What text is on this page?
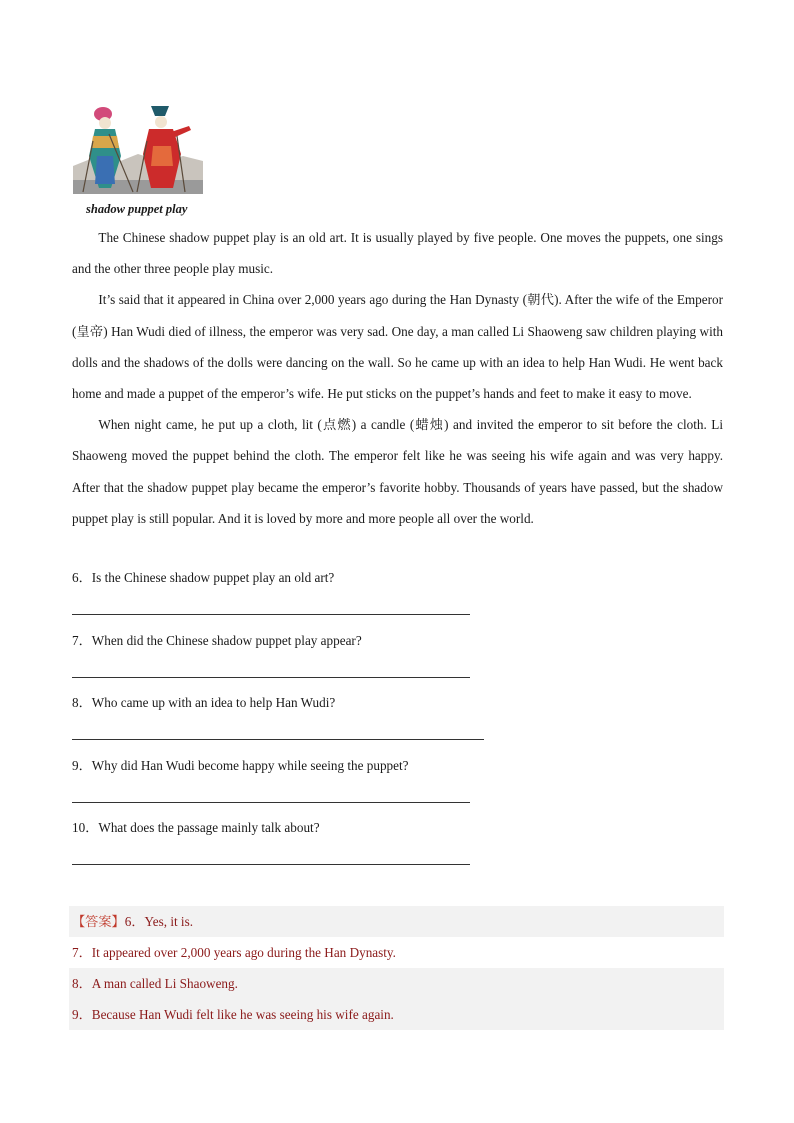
shadow puppet play

The Chinese shadow puppet play is an old art. It is usually played by five people. One moves the puppets, one sings and the other three people play music.

It’s said that it appeared in China over 2,000 years ago during the Han Dynasty (朝代). After the wife of the Emperor (皇帝) Han Wudi died of illness, the emperor was very sad. One day, a man called Li Shaoweng saw children playing with dolls and the shadows of the dolls were dancing on the wall. So he came up with an idea to help Han Wudi. He went back home and made a puppet of the emperor’s wife. He put sticks on the puppet’s hands and feet to make it easy to move.

When night came, he put up a cloth, lit (点燃) a candle (蜡烛) and invited the emperor to sit before the cloth. Li Shaoweng moved the puppet behind the cloth. The emperor felt like he was seeing his wife again and was very happy. After that the shadow puppet play became the emperor’s favorite hobby. Thousands of years have passed, but the shadow puppet play is still popular. And it is loved by more and more people all over the world.

6．Is the Chinese shadow puppet play an old art?
7．When did the Chinese shadow puppet play appear?
8．Who came up with an idea to help Han Wudi?
9．Why did Han Wudi become happy while seeing the puppet?
10．What does the passage mainly talk about?
【答案】6．Yes, it is.
7．It appeared over 2,000 years ago during the Han Dynasty.
8．A man called Li Shaoweng.
9．Because Han Wudi felt like he was seeing his wife again.
